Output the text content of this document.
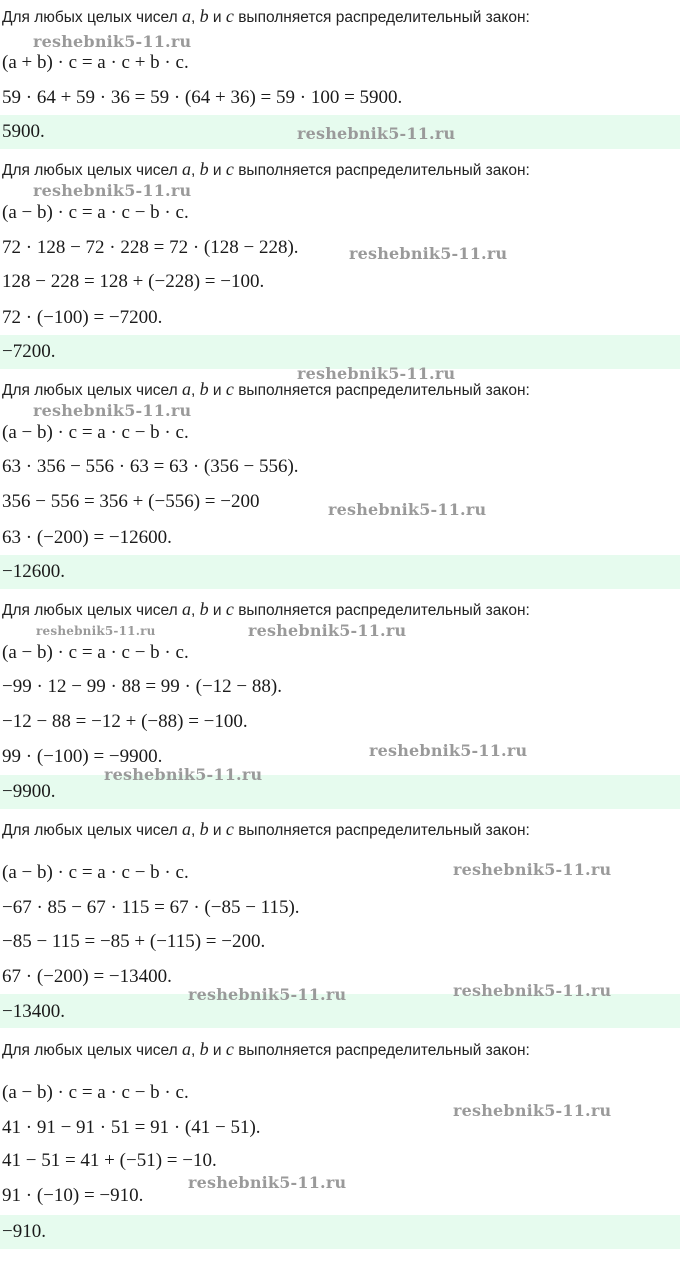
Для любых целых чисел a, b и c выполняется распределительный закон:
(a + b) · c = a · c + b · c.
59 · 64 + 59 · 36 = 59 · (64 + 36) = 59 · 100 = 5900.
5900.
Для любых целых чисел a, b и c выполняется распределительный закон:
(a − b) · c = a · c − b · c.
72 · 128 − 72 · 228 = 72 · (128 − 228).
128 − 228 = 128 + (−228) = −100.
72 · (−100) = −7200.
−7200.
Для любых целых чисел a, b и c выполняется распределительный закон:
(a − b) · c = a · c − b · c.
63 · 356 − 556 · 63 = 63 · (356 − 556).
356 − 556 = 356 + (−556) = −200
63 · (−200) = −12600.
−12600.
Для любых целых чисел a, b и c выполняется распределительный закон:
(a − b) · c = a · c − b · c.
−99 · 12 − 99 · 88 = 99 · (−12 − 88).
−12 − 88 = −12 + (−88) = −100.
99 · (−100) = −9900.
−9900.
Для любых целых чисел a, b и c выполняется распределительный закон:
(a − b) · c = a · c − b · c.
−67 · 85 − 67 · 115 = 67 · (−85 − 115).
−85 − 115 = −85 + (−115) = −200.
67 · (−200) = −13400.
−13400.
Для любых целых чисел a, b и c выполняется распределительный закон:
(a − b) · c = a · c − b · c.
41 · 91 − 91 · 51 = 91 · (41 − 51).
41 − 51 = 41 + (−51) = −10.
91 · (−10) = −910.
−910.
reshebnik5-11.ru
reshebnik5-11.ru
reshebnik5-11.ru
reshebnik5-11.ru
reshebnik5-11.ru
reshebnik5-11.ru
reshebnik5-11.ru
reshebnik5-11.ru	reshebnik5-11.ru
reshebnik5-11.ru
reshebnik5-11.ru
reshebnik5-11.ru
reshebnik5-11.ru	reshebnik5-11.ru
reshebnik5-11.ru
reshebnik5-11.ru
